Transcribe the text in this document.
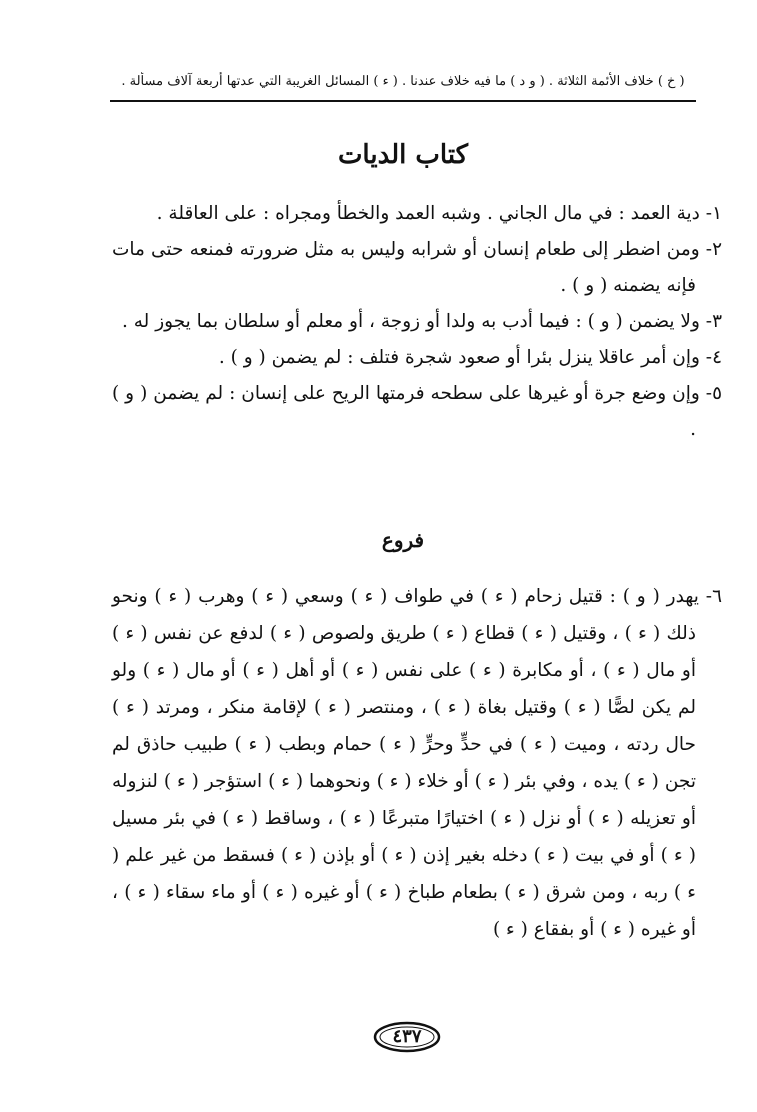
( خ ) خلاف الأئمة الثلاثة . ( و د ) ما فيه خلاف عندنا . ( ء ) المسائل الغريبة التي عدتها أربعة آلاف مسألة .
كتاب الديات

١- دية العمد : في مال الجاني . وشبه العمد والخطأ ومجراه : على العاقلة .

٢- ومن اضطر إلى طعام إنسان أو شرابه وليس به مثل ضرورته فمنعه حتى مات فإنه يضمنه ( و ) .

٣- ولا يضمن ( و ) : فيما أدب به ولدا أو زوجة ، أو معلم أو سلطان بما يجوز له .

٤- وإن أمر عاقلا ينزل بئرا أو صعود شجرة فتلف : لم يضمن ( و ) .

٥- وإن وضع جرة أو غيرها على سطحه فرمتها الريح على إنسان : لم يضمن ( و ) .

فروع

٦- يهدر ( و ) : قتيل زحام ( ء ) في طواف ( ء ) وسعي ( ء ) وهرب ( ء ) ونحو ذلك ( ء ) ، وقتيل ( ء ) قطاع ( ء ) طريق ولصوص ( ء ) لدفع عن نفس ( ء ) أو مال ( ء ) ، أو مكابرة ( ء ) على نفس ( ء ) أو أهل ( ء ) أو مال ( ء ) ولو لم يكن لصًّا ( ء ) وقتيل بغاة ( ء ) ، ومنتصر ( ء ) لإقامة منكر ، ومرتد ( ء ) حال ردته ، وميت ( ء ) في حدٍّ وحرٍّ ( ء ) حمام وبطب ( ء ) طبيب حاذق لم تجن ( ء ) يده ، وفي بئر ( ء ) أو خلاء ( ء ) ونحوهما ( ء ) استؤجر ( ء ) لنزوله أو تعزيله ( ء ) أو نزل ( ء ) اختيارًا متبرعًا ( ء ) ، وساقط ( ء ) في بئر مسيل ( ء ) أو في بيت ( ء ) دخله بغير إذن ( ء ) أو بإذن ( ء ) فسقط من غير علم ( ء ) ربه ، ومن شرق ( ء ) بطعام طباخ ( ء ) أو غيره ( ء ) أو ماء سقاء ( ء ) ، أو غيره ( ء ) أو بفقاع ( ء )

٤٣٧
